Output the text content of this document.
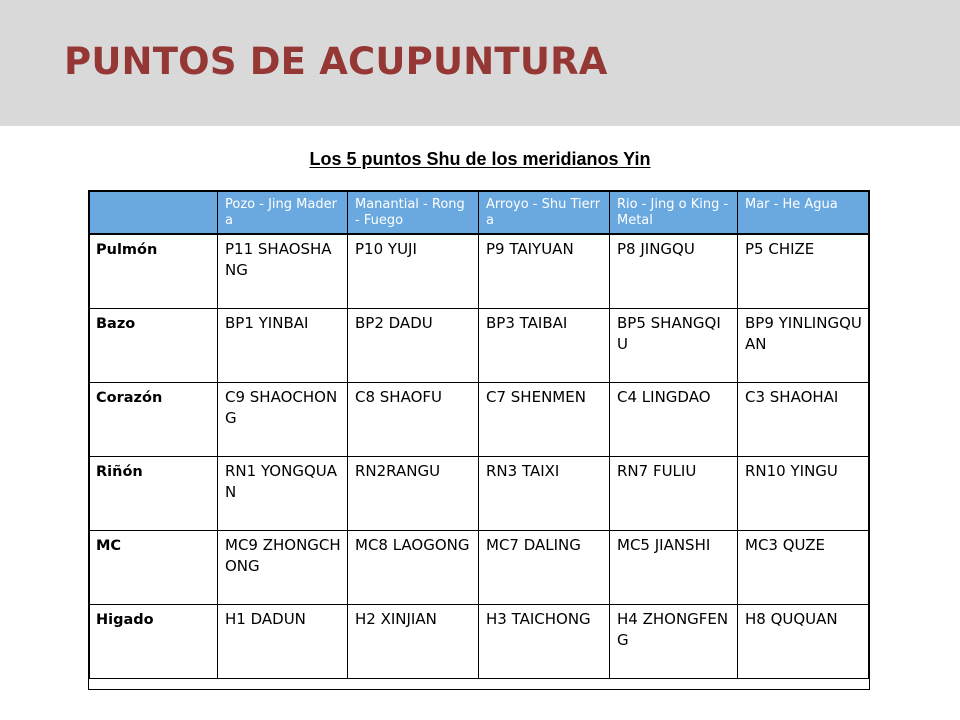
PUNTOS DE ACUPUNTURA
Los 5 puntos Shu de los meridianos Yin
	Pozo - Jing Madera	Manantial - Rong - Fuego	Arroyo - Shu Tierra	Rio - Jing o King - Metal	Mar - He Agua
Pulmón	P11 SHAOSHANG	P10 YUJI	P9 TAIYUAN	P8 JINGQU	P5 CHIZE
Bazo	BP1 YINBAI	BP2 DADU	BP3 TAIBAI	BP5 SHANGQIU	BP9 YINLINGQUAN
Corazón	C9 SHAOCHONG	C8 SHAOFU	C7 SHENMEN	C4 LINGDAO	C3 SHAOHAI
Riñón	RN1 YONGQUAN	RN2RANGU	RN3 TAIXI	RN7 FULIU	RN10 YINGU
MC	MC9 ZHONGCHONG	MC8 LAOGONG	MC7 DALING	MC5 JIANSHI	MC3 QUZE
Higado	H1 DADUN	H2 XINJIAN	H3 TAICHONG	H4 ZHONGFENG	H8 QUQUAN
